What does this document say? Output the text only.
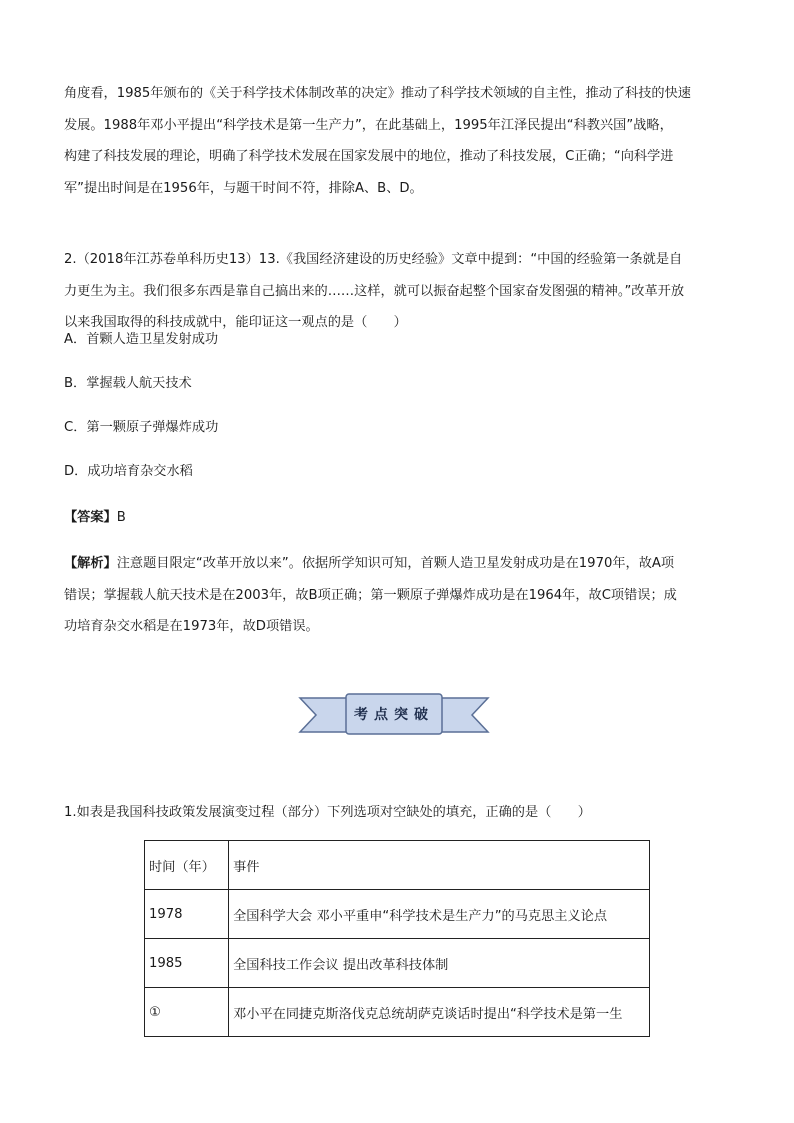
角度看，1985年颁布的《关于科学技术体制改革的决定》推动了科学技术领域的自主性，推动了科技的快速
发展。1988年邓小平提出“科学技术是第一生产力”，在此基础上，1995年江泽民提出“科教兴国”战略，
构建了科技发展的理论，明确了科学技术发展在国家发展中的地位，推动了科技发展，C正确；“向科学进
军”提出时间是在1956年，与题干时间不符，排除A、B、D。
2.（2018年江苏卷单科历史13）13.《我国经济建设的历史经验》文章中提到：“中国的经验第一条就是自
力更生为主。我们很多东西是靠自己搞出来的……这样，就可以振奋起整个国家奋发图强的精神。”改革开放
以来我国取得的科技成就中，能印证这一观点的是（　　）
A．首颗人造卫星发射成功
B．掌握载人航天技术
C．第一颗原子弹爆炸成功
D．成功培育杂交水稻
【答案】B
【解析】注意题目限定“改革开放以来”。依据所学知识可知，首颗人造卫星发射成功是在1970年，故A项
错误；掌握载人航天技术是在2003年，故B项正确；第一颗原子弹爆炸成功是在1964年，故C项错误；成
功培育杂交水稻是在1973年，故D项错误。
考点突破
1.如表是我国科技政策发展演变过程（部分）下列选项对空缺处的填充，正确的是（　　）
时间（年）	事件
1978	全国科学大会 邓小平重申“科学技术是生产力”的马克思主义论点
1985	全国科技工作会议 提出改革科技体制
①	邓小平在同捷克斯洛伐克总统胡萨克谈话时提出“科学技术是第一生
